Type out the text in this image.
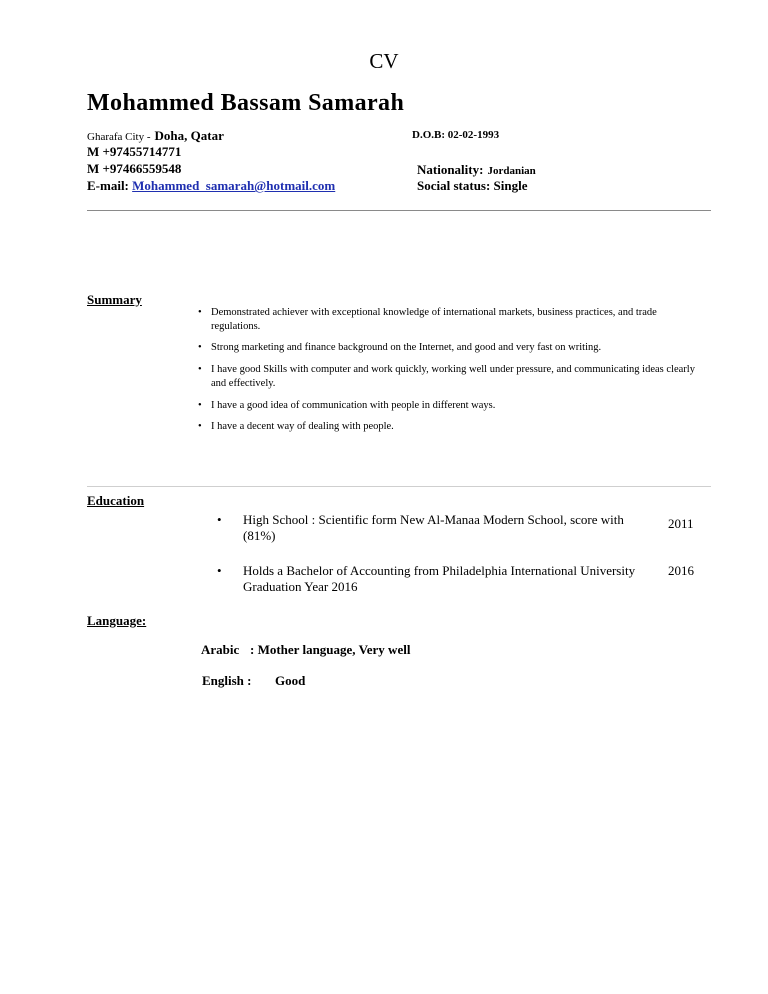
CV
Mohammed Bassam Samarah
Gharafa City - Doha, Qatar	D.O.B: 02-02-1993
M +97455714771
M +97466559548	Nationality: Jordanian
E-mail: Mohammed_samarah@hotmail.com	Social status: Single
Summary
• Demonstrated achiever with exceptional knowledge of international markets, business practices, and trade regulations.
• Strong marketing and finance background on the Internet, and good and very fast on writing.
• I have good Skills with computer and work quickly, working well under pressure, and communicating ideas clearly and effectively.
• I have a good idea of communication with people in different ways.
• I have a decent way of dealing with people.
Education
• High School : Scientific form New Al-Manaa Modern School, score with (81%)
2011
• Holds a Bachelor of Accounting from Philadelphia International University Graduation Year 2016
2016
Language:
Arabic : Mother language, Very well
English : Good
